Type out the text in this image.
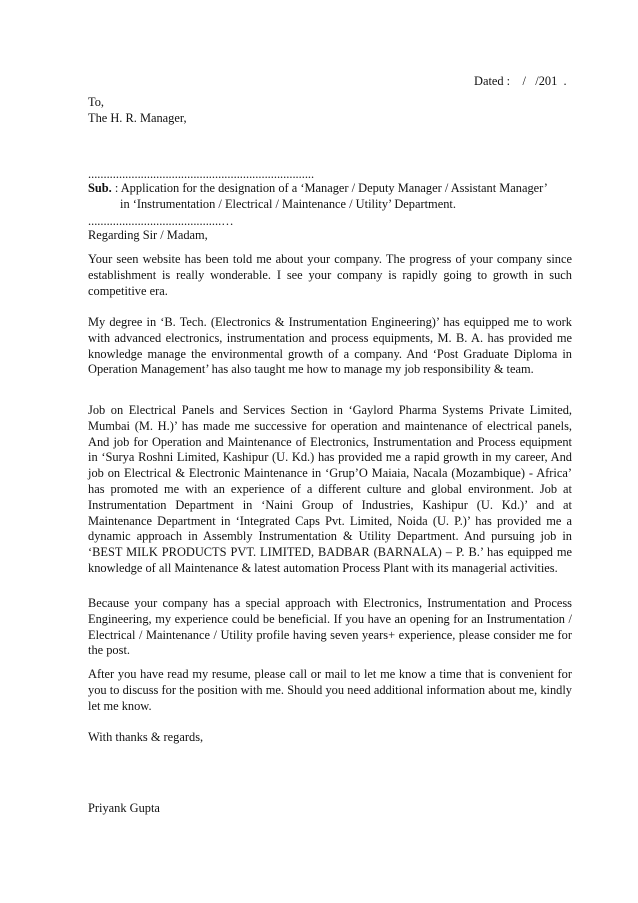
Dated :    /   /201  .
To,
The H. R. Manager,

.........................................................................

...........................................…

Sub. : Application for the designation of a ‘Manager / Deputy Manager / Assistant Manager’
in ‘Instrumentation / Electrical / Maintenance / Utility’ Department.
Regarding Sir / Madam,
Your seen website has been told me about your company. The progress of your company since establishment is really wonderable. I see your company is rapidly going to growth in such competitive era.
My degree in ‘B. Tech. (Electronics & Instrumentation Engineering)’ has equipped me to work with advanced electronics, instrumentation and process equipments, M. B. A. has provided me knowledge manage the environmental growth of a company. And ‘Post Graduate Diploma in Operation Management’ has also taught me how to manage my job responsibility & team.
Job on Electrical Panels and Services Section in ‘Gaylord Pharma Systems Private Limited, Mumbai (M. H.)’ has made me successive for operation and maintenance of electrical panels, And job for Operation and Maintenance of Electronics, Instrumentation and Process equipment in ‘Surya Roshni Limited, Kashipur (U. Kd.) has provided me a rapid growth in my career, And job on Electrical & Electronic Maintenance in ‘Grup’O Maiaia, Nacala (Mozambique) - Africa’ has promoted me with an experience of a different culture and global environment. Job at Instrumentation Department in ‘Naini Group of Industries, Kashipur (U. Kd.)’ and at Maintenance Department in ‘Integrated Caps Pvt. Limited, Noida (U. P.)’ has provided me a dynamic approach in Assembly Instrumentation & Utility Department. And pursuing job in ‘BEST MILK PRODUCTS PVT. LIMITED, BADBAR (BARNALA) – P. B.’ has equipped me knowledge of all Maintenance & latest automation Process Plant with its managerial activities.
Because your company has a special approach with Electronics, Instrumentation and Process Engineering, my experience could be beneficial. If you have an opening for an Instrumentation / Electrical / Maintenance / Utility profile having seven years+ experience, please consider me for the post.
After you have read my resume, please call or mail to let me know a time that is convenient for you to discuss for the position with me. Should you need additional information about me, kindly let me know.
With thanks & regards,
Priyank Gupta
